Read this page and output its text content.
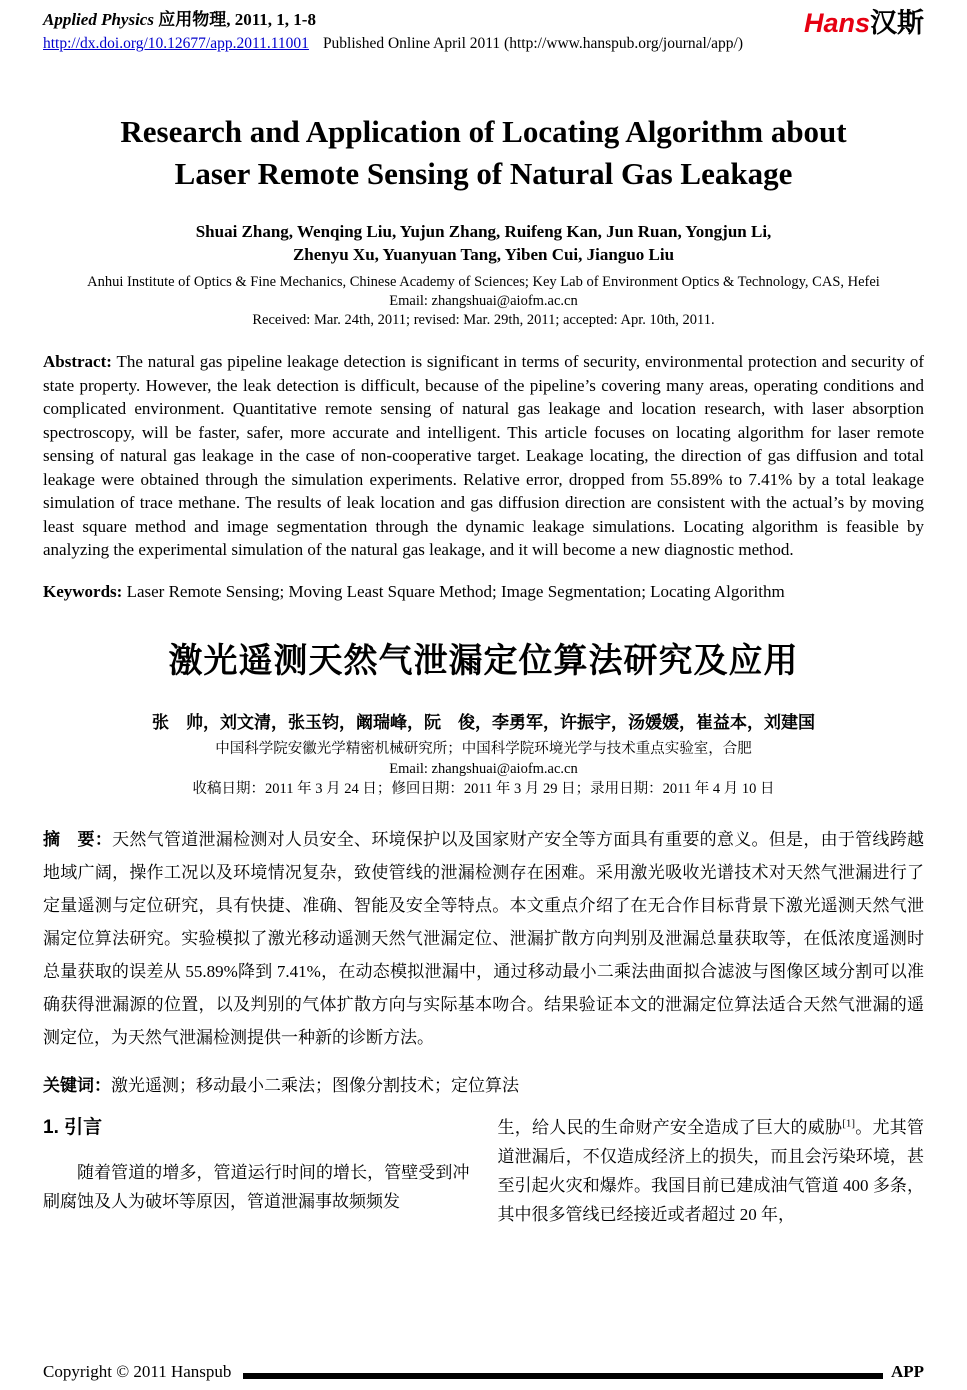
Applied Physics 应用物理, 2011, 1, 1-8
http://dx.doi.org/10.12677/app.2011.11001 Published Online April 2011 (http://www.hanspub.org/journal/app/)
Hans汉斯
Research and Application of Locating Algorithm about
Laser Remote Sensing of Natural Gas Leakage
Shuai Zhang, Wenqing Liu, Yujun Zhang, Ruifeng Kan, Jun Ruan, Yongjun Li,
Zhenyu Xu, Yuanyuan Tang, Yiben Cui, Jianguo Liu
Anhui Institute of Optics & Fine Mechanics, Chinese Academy of Sciences; Key Lab of Environment Optics & Technology, CAS, Hefei
Email: zhangshuai@aiofm.ac.cn
Received: Mar. 24th, 2011; revised: Mar. 29th, 2011; accepted: Apr. 10th, 2011.

Abstract: The natural gas pipeline leakage detection is significant in terms of security, environmental protection and security of state property. However, the leak detection is difficult, because of the pipeline’s covering many areas, operating conditions and complicated environment. Quantitative remote sensing of natural gas leakage and location research, with laser absorption spectroscopy, will be faster, safer, more accurate and intelligent. This article focuses on locating algorithm for laser remote sensing of natural gas leakage in the case of non-cooperative target. Leakage locating, the direction of gas diffusion and total leakage were obtained through the simulation experiments. Relative error, dropped from 55.89% to 7.41% by a total leakage simulation of trace methane. The results of leak location and gas diffusion direction are consistent with the actual’s by moving least square method and image segmentation through the dynamic leakage simulations. Locating algorithm is feasible by analyzing the experimental simulation of the natural gas leakage, and it will become a new diagnostic method.

Keywords: Laser Remote Sensing; Moving Least Square Method; Image Segmentation; Locating Algorithm

激光遥测天然气泄漏定位算法研究及应用
张　帅，刘文清，张玉钧，阚瑞峰，阮　俊，李勇军，许振宇，汤媛媛，崔益本，刘建国
中国科学院安徽光学精密机械研究所；中国科学院环境光学与技术重点实验室，合肥
Email: zhangshuai@aiofm.ac.cn
收稿日期：2011 年 3 月 24 日；修回日期：2011 年 3 月 29 日；录用日期：2011 年 4 月 10 日

摘　要：天然气管道泄漏检测对人员安全、环境保护以及国家财产安全等方面具有重要的意义。但是，由于管线跨越地域广阔，操作工况以及环境情况复杂，致使管线的泄漏检测存在困难。采用激光吸收光谱技术对天然气泄漏进行了定量遥测与定位研究，具有快捷、准确、智能及安全等特点。本文重点介绍了在无合作目标背景下激光遥测天然气泄漏定位算法研究。实验模拟了激光移动遥测天然气泄漏定位、泄漏扩散方向判别及泄漏总量获取等，在低浓度遥测时总量获取的误差从 55.89%降到 7.41%，在动态模拟泄漏中，通过移动最小二乘法曲面拟合滤波与图像区域分割可以准确获得泄漏源的位置，以及判别的气体扩散方向与实际基本吻合。结果验证本文的泄漏定位算法适合天然气泄漏的遥测定位，为天然气泄漏检测提供一种新的诊断方法。

关键词：激光遥测；移动最小二乘法；图像分割技术；定位算法

1. 引言

随着管道的增多，管道运行时间的增长，管壁受到冲刷腐蚀及人为破坏等原因，管道泄漏事故频频发

生，给人民的生命财产安全造成了巨大的威胁[1]。尤其管道泄漏后，不仅造成经济上的损失，而且会污染环境，甚至引起火灾和爆炸。我国目前已建成油气管道 400 多条，其中很多管线已经接近或者超过 20 年，

Copyright © 2011 Hanspub	APP
